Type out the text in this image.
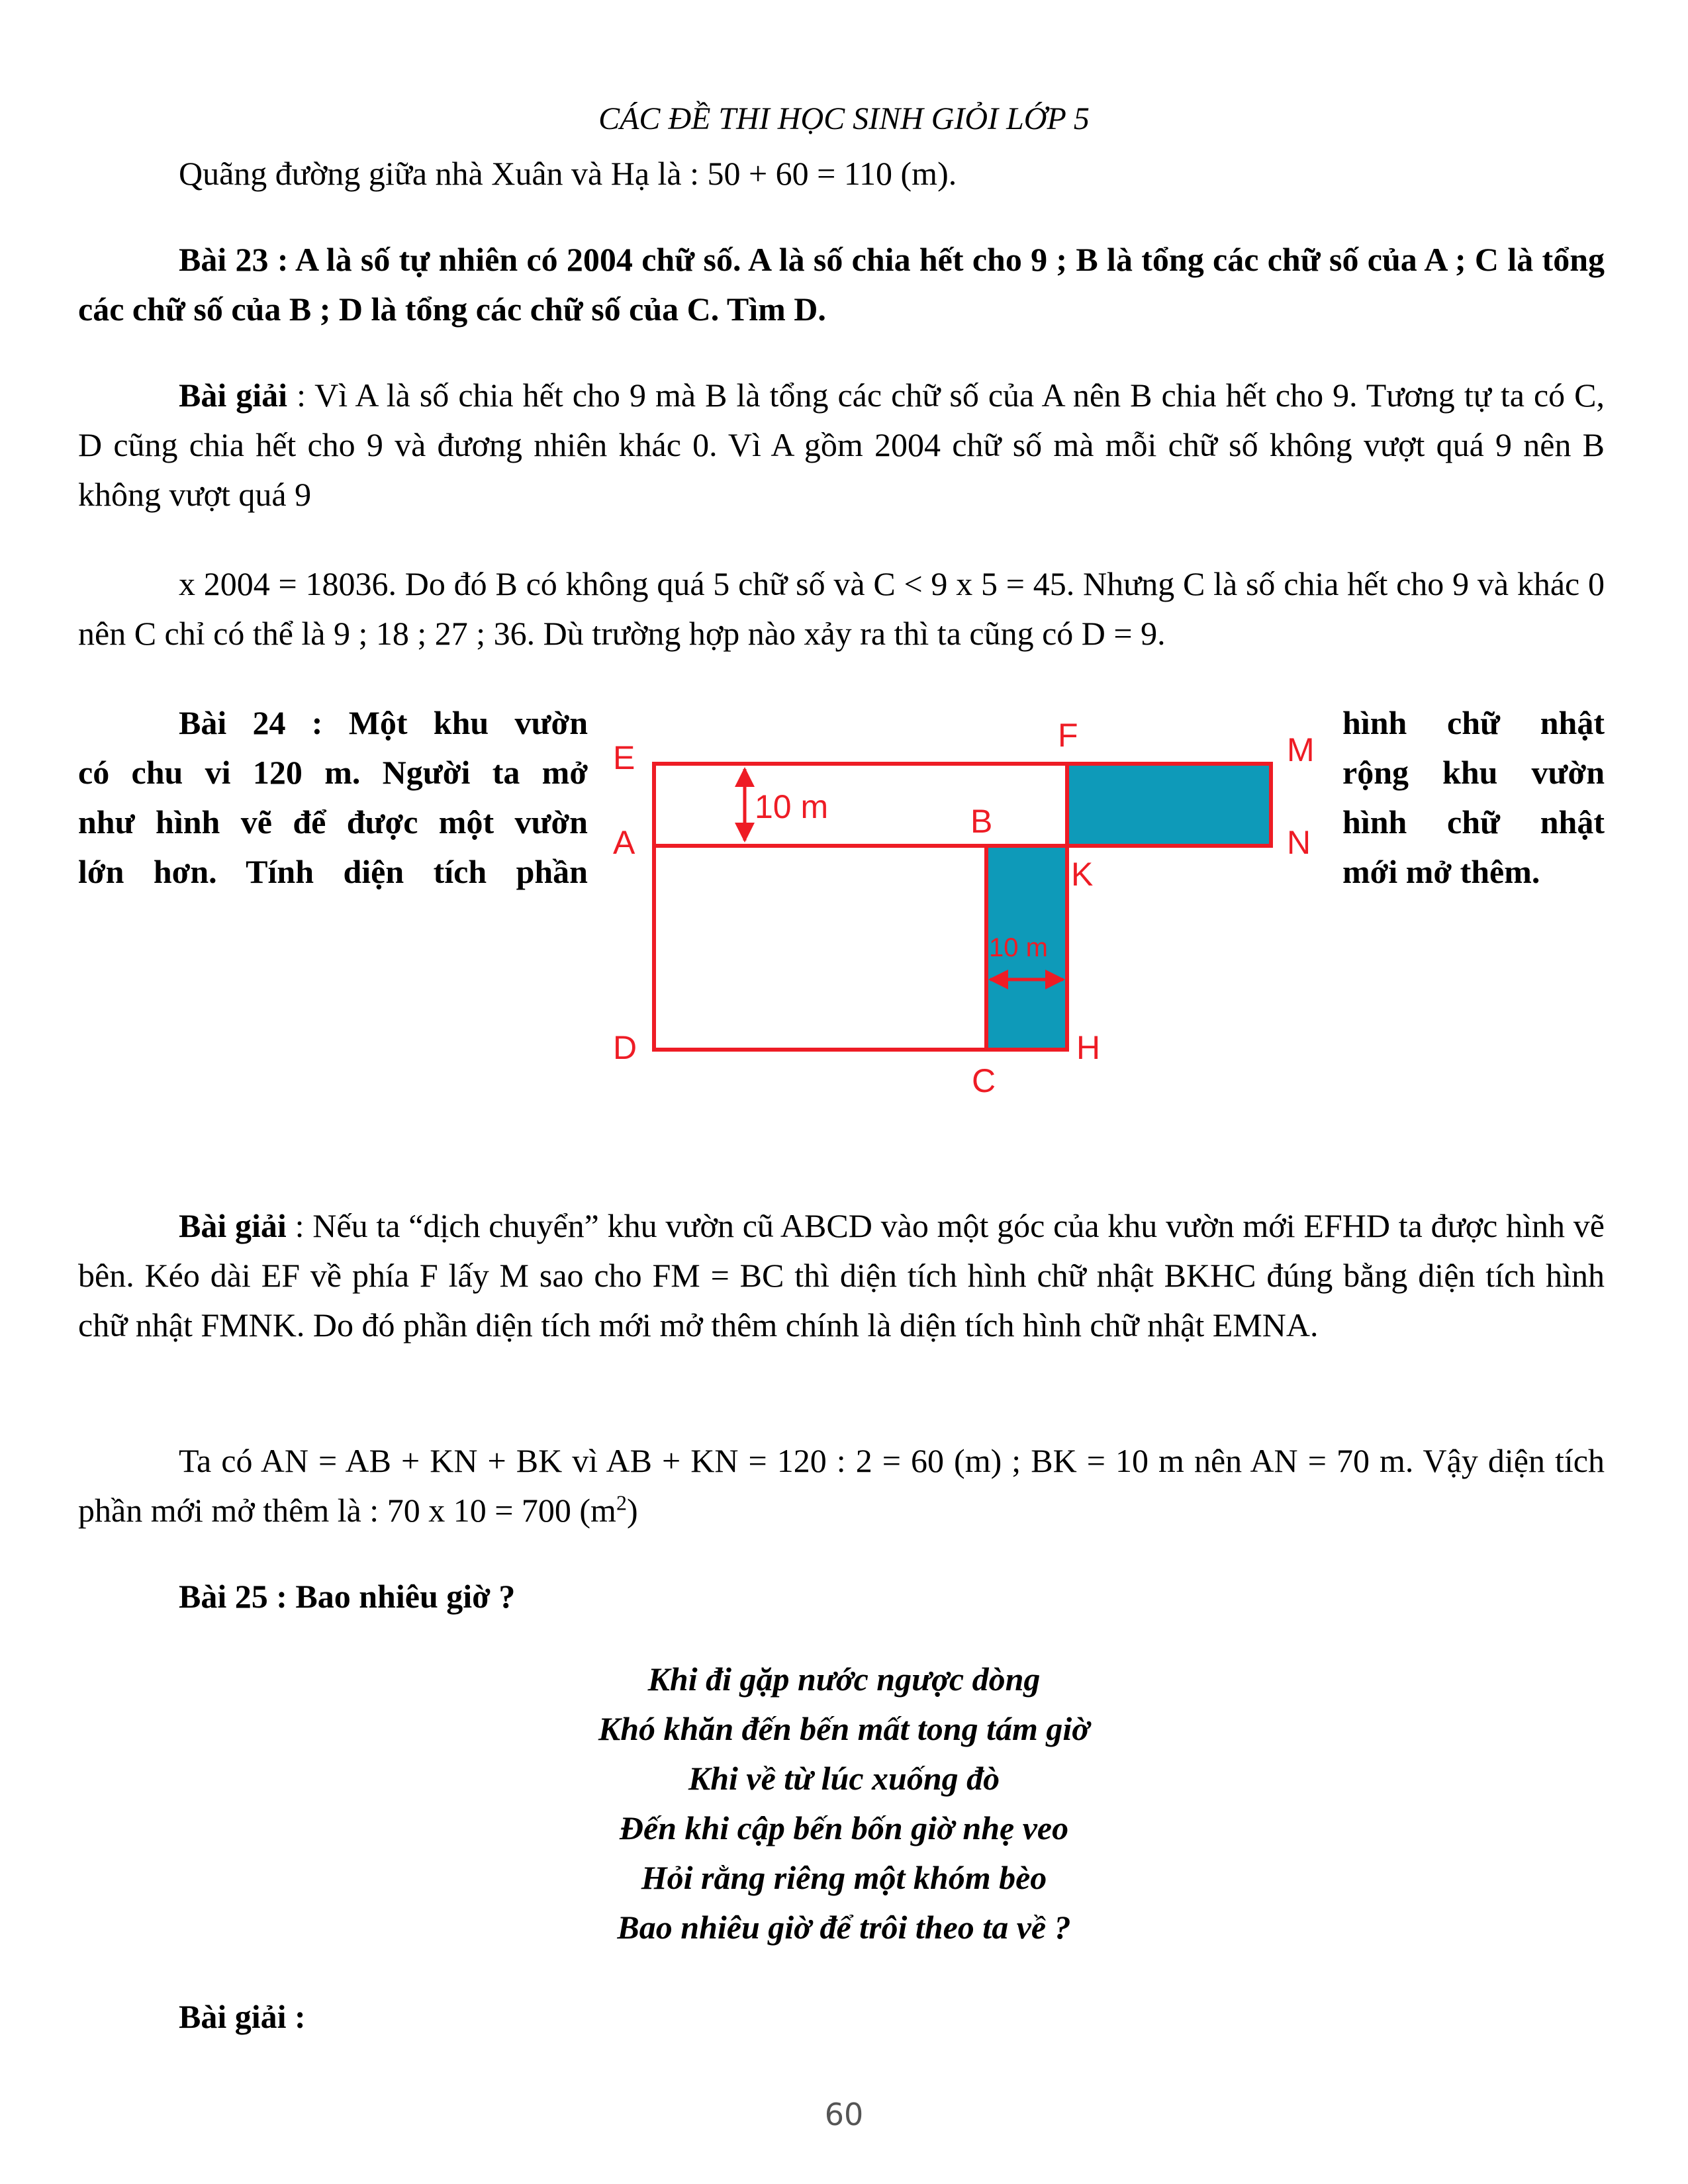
CÁC ĐỀ THI HỌC SINH GIỎI LỚP 5
Quãng đường giữa nhà Xuân và Hạ là : 50 + 60 = 110 (m).
Bài 23 : A là số tự nhiên có 2004 chữ số. A là số chia hết cho 9 ; B là tổng các chữ số của A ; C là tổng các chữ số của B ; D là tổng các chữ số của C. Tìm D.
Bài giải : Vì A là số chia hết cho 9 mà B là tổng các chữ số của A nên B chia hết cho 9. Tương tự ta có C, D cũng chia hết cho 9 và đương nhiên khác 0. Vì A gồm 2004 chữ số mà mỗi chữ số không vượt quá 9 nên B không vượt quá 9
x 2004 = 18036. Do đó B có không quá 5 chữ số và C < 9 x 5 = 45. Nhưng C là số chia hết cho 9 và khác 0 nên C chỉ có thể là 9 ; 18 ; 27 ; 36. Dù trường hợp nào xảy ra thì ta cũng có D = 9.
Bài 24 : Một khu vườn
có chu vi 120 m. Người ta mở
như hình vẽ để được một vườn
lớn hơn. Tính diện tích phần
hình chữ nhật
rộng khu vườn
hình chữ nhật
mới mở thêm.
E
F	M
A
B
N
K
D
C
H
10 m
10 m
Bài giải : Nếu ta “dịch chuyển” khu vườn cũ ABCD vào một góc của khu vườn mới EFHD ta được hình vẽ bên. Kéo dài EF về phía F lấy M sao cho FM = BC thì diện tích hình chữ nhật BKHC đúng bằng diện tích hình chữ nhật FMNK. Do đó phần diện tích mới mở thêm chính là diện tích hình chữ nhật EMNA.
Ta có AN = AB + KN + BK vì AB + KN = 120 : 2 = 60 (m) ; BK = 10 m nên AN = 70 m. Vậy diện tích phần mới mở thêm là : 70 x 10 = 700 $(m^2)$
Bài 25 : Bao nhiêu giờ ?
Khi đi gặp nước ngược dòng
Khó khăn đến bến mất tong tám giờ
Khi về từ lúc xuống đò
Đến khi cập bến bốn giờ nhẹ veo
Hỏi rằng riêng một khóm bèo
Bao nhiêu giờ để trôi theo ta về ?
Bài giải :
60
